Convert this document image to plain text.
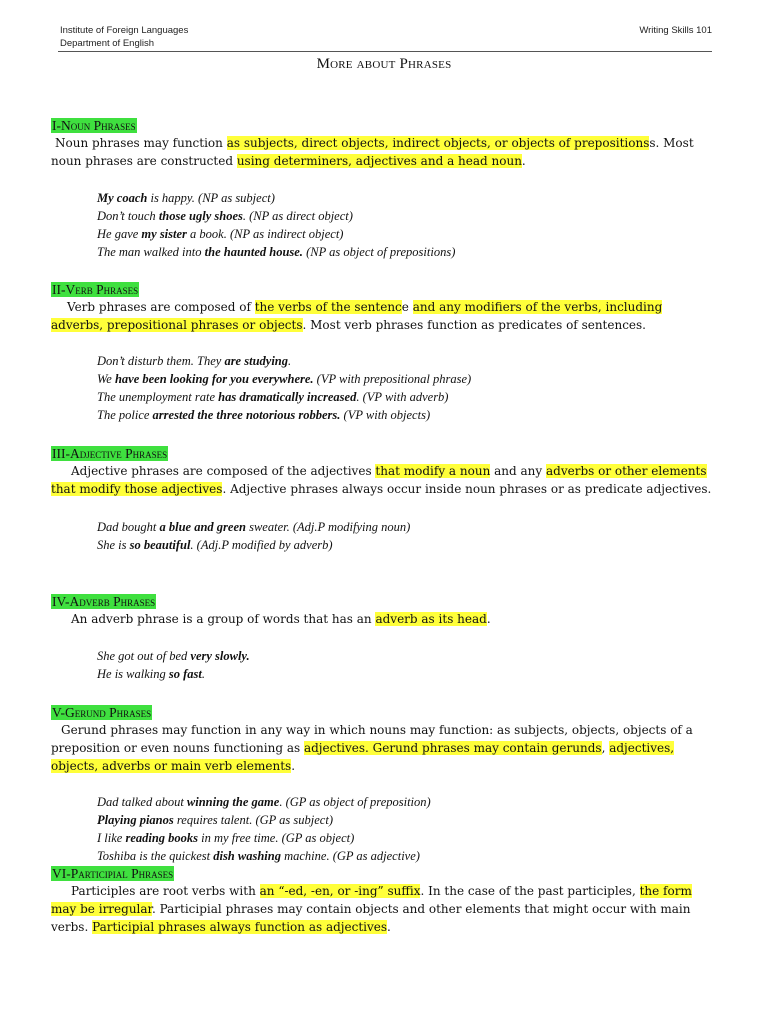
Institute of Foreign Languages
Department of English
Writing Skills 101
More about Phrases
I-Noun Phrases

Noun phrases may function as subjects, direct objects, indirect objects, or objects of prepositionss. Most noun phrases are constructed using determiners, adjectives and a head noun.

My coach is happy. (NP as subject)

Don’t touch those ugly shoes. (NP as direct object)

He gave my sister a book. (NP as indirect object)

The man walked into the haunted house. (NP as object of prepositions)

II-Verb Phrases

Verb phrases are composed of the verbs of the sentence and any modifiers of the verbs, including adverbs, prepositional phrases or objects. Most verb phrases function as predicates of sentences.

Don’t disturb them. They are studying.

We have been looking for you everywhere. (VP with prepositional phrase)

The unemployment rate has dramatically increased. (VP with adverb)

The police arrested the three notorious robbers. (VP with objects)

III-Adjective Phrases

Adjective phrases are composed of the adjectives that modify a noun and any adverbs or other elements that modify those adjectives. Adjective phrases always occur inside noun phrases or as predicate adjectives.

Dad bought a blue and green sweater. (Adj.P modifying noun)

She is so beautiful. (Adj.P modified by adverb)

IV-Adverb Phrases

An adverb phrase is a group of words that has an adverb as its head.

She got out of bed very slowly.

He is walking so fast.

V-Gerund Phrases

Gerund phrases may function in any way in which nouns may function: as subjects, objects, objects of a preposition or even nouns functioning as adjectives. Gerund phrases may contain gerunds, adjectives, objects, adverbs or main verb elements.

Dad talked about winning the game. (GP as object of preposition)

Playing pianos requires talent. (GP as subject)

I like reading books in my free time. (GP as object)

Toshiba is the quickest dish washing machine. (GP as adjective)

VI-Participial Phrases

Participles are root verbs with an “-ed, -en, or -ing” suffix. In the case of the past participles, the form may be irregular. Participial phrases may contain objects and other elements that might occur with main verbs. Participial phrases always function as adjectives.
